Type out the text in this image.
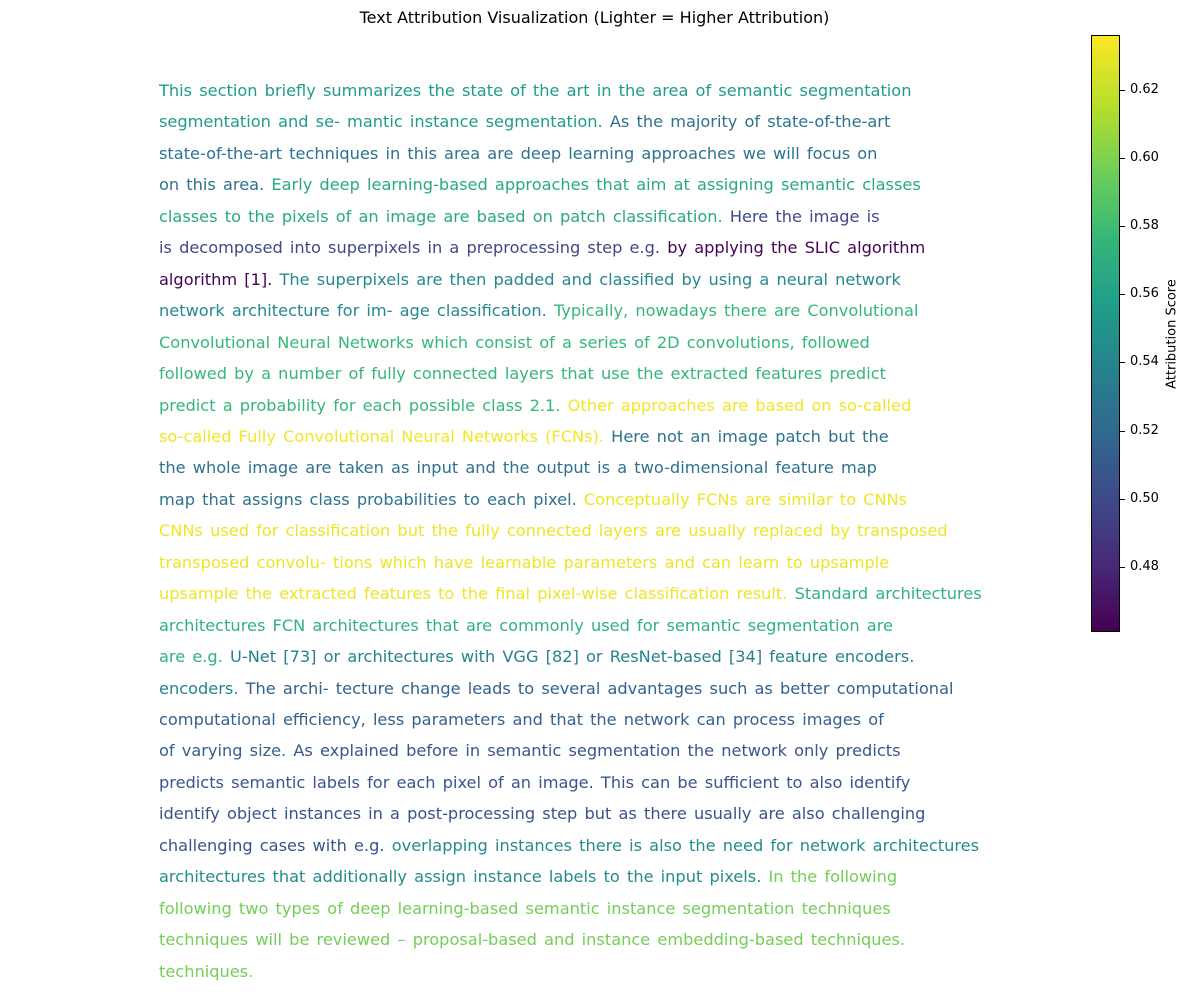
Text Attribution Visualization (Lighter = Higher Attribution)
This section briefly summarizes the state of the art in the area of semantic segmentation
segmentation and se- mantic instance segmentation. As the majority of state-of-the-art
state-of-the-art techniques in this area are deep learning approaches we will focus on
on this area. Early deep learning-based approaches that aim at assigning semantic classes
classes to the pixels of an image are based on patch classification. Here the image is
is decomposed into superpixels in a preprocessing step e.g. by applying the SLIC algorithm
algorithm [1]. The superpixels are then padded and classified by using a neural network
network architecture for im- age classification. Typically, nowadays there are Convolutional
Convolutional Neural Networks which consist of a series of 2D convolutions, followed
followed by a number of fully connected layers that use the extracted features predict
predict a probability for each possible class 2.1. Other approaches are based on so-called
so-called Fully Convolutional Neural Networks (FCNs). Here not an image patch but the
the whole image are taken as input and the output is a two-dimensional feature map
map that assigns class probabilities to each pixel. Conceptually FCNs are similar to CNNs
CNNs used for classification but the fully connected layers are usually replaced by transposed
transposed convolu- tions which have learnable parameters and can learn to upsample
upsample the extracted features to the final pixel-wise classification result. Standard architectures
architectures FCN architectures that are commonly used for semantic segmentation are
are e.g. U-Net [73] or architectures with VGG [82] or ResNet-based [34] feature encoders.
encoders. The archi- tecture change leads to several advantages such as better computational
computational efficiency, less parameters and that the network can process images of
of varying size. As explained before in semantic segmentation the network only predicts
predicts semantic labels for each pixel of an image. This can be sufficient to also identify
identify object instances in a post-processing step but as there usually are also challenging
challenging cases with e.g. overlapping instances there is also the need for network architectures
architectures that additionally assign instance labels to the input pixels. In the following
following two types of deep learning-based semantic instance segmentation techniques
techniques will be reviewed – proposal-based and instance embedding-based techniques.
techniques.
0.48
0.50
0.52
0.54
0.56
0.58
0.60
0.62
Attribution Score
